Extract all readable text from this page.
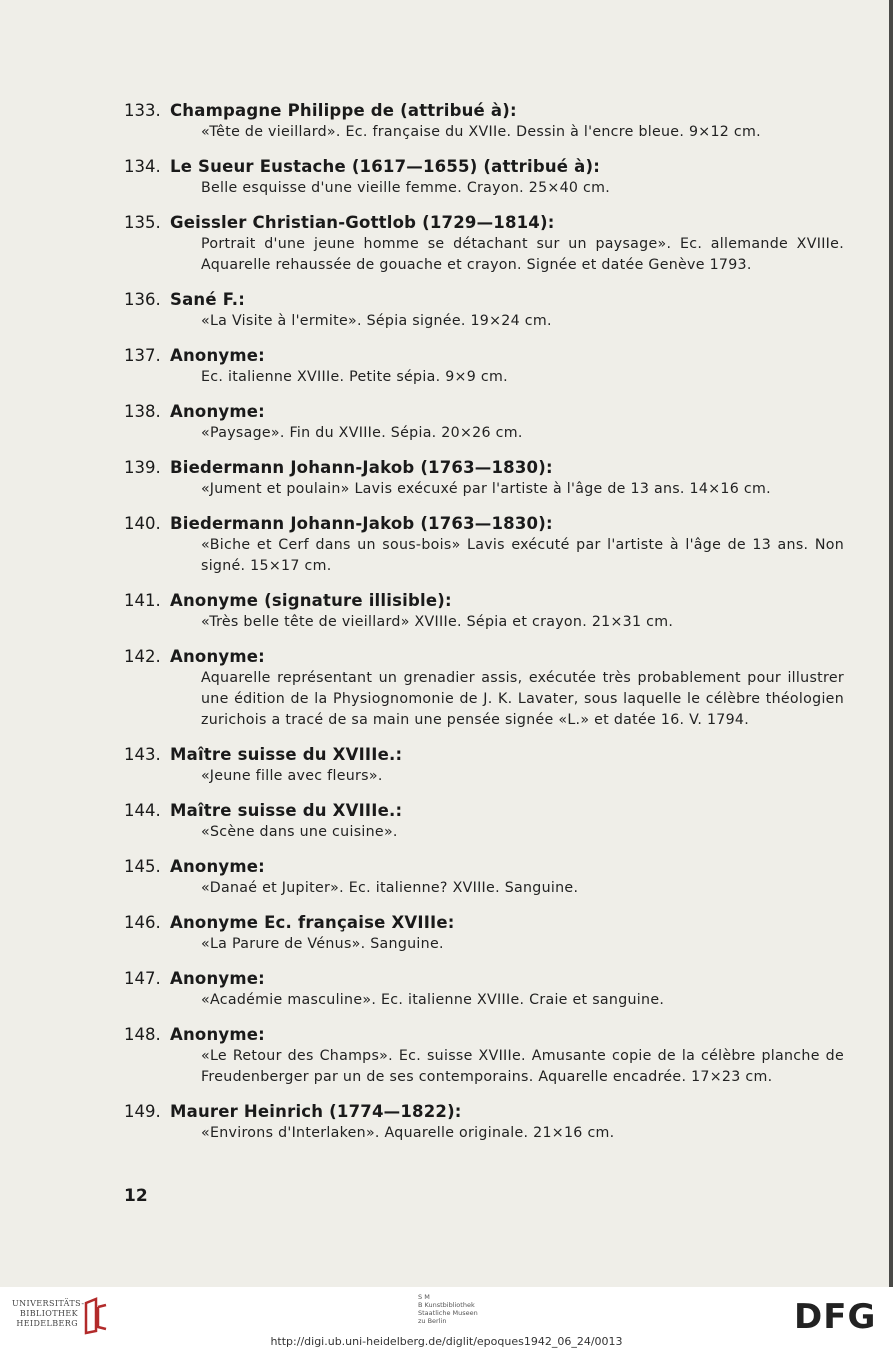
133. Champagne Philippe de (attribué à):
«Tête de vieillard». Ec. française du XVIIe. Dessin à l'encre bleue. 9×12 cm.
134. Le Sueur Eustache (1617—1655) (attribué à):
Belle esquisse d'une vieille femme. Crayon. 25×40 cm.
135. Geissler Christian-Gottlob (1729—1814):
Portrait d'une jeune homme se détachant sur un paysage». Ec. allemande XVIIIe. Aquarelle rehaussée de gouache et crayon. Signée et datée Genève 1793.
136. Sané F.:
«La Visite à l'ermite». Sépia signée. 19×24 cm.
137. Anonyme:
Ec. italienne XVIIIe. Petite sépia. 9×9 cm.
138. Anonyme:
«Paysage». Fin du XVIIIe. Sépia. 20×26 cm.
139. Biedermann Johann-Jakob (1763—1830):
«Jument et poulain» Lavis exécuxé par l'artiste à l'âge de 13 ans. 14×16 cm.
140. Biedermann Johann-Jakob (1763—1830):
«Biche et Cerf dans un sous-bois» Lavis exécuté par l'artiste à l'âge de 13 ans. Non signé. 15×17 cm.
141. Anonyme (signature illisible):
«Très belle tête de vieillard» XVIIIe. Sépia et crayon. 21×31 cm.
142. Anonyme:
Aquarelle représentant un grenadier assis, exécutée très probablement pour illustrer une édition de la Physiognomonie de J. K. Lavater, sous laquelle le célèbre théologien zurichois a tracé de sa main une pensée signée «L.» et datée 16. V. 1794.
143. Maître suisse du XVIIIe.:
«Jeune fille avec fleurs».
144. Maître suisse du XVIIIe.:
«Scène dans une cuisine».
145. Anonyme:
«Danaé et Jupiter». Ec. italienne? XVIIIe. Sanguine.
146. Anonyme Ec. française XVIIIe:
«La Parure de Vénus». Sanguine.
147. Anonyme:
«Académie masculine». Ec. italienne XVIIIe. Craie et sanguine.
148. Anonyme:
«Le Retour des Champs». Ec. suisse XVIIIe. Amusante copie de la célèbre planche de Freudenberger par un de ses contemporains. Aquarelle encadrée. 17×23 cm.
149. Maurer Heinrich (1774—1822):
«Environs d'Interlaken». Aquarelle originale. 21×16 cm.
12
UNIVERSITÄTS-
BIBLIOTHEK
HEIDELBERG
S M
B Kunstbibliothek
Staatliche Museen
zu Berlin	DFG
http://digi.ub.uni-heidelberg.de/diglit/epoques1942_06_24/0013
